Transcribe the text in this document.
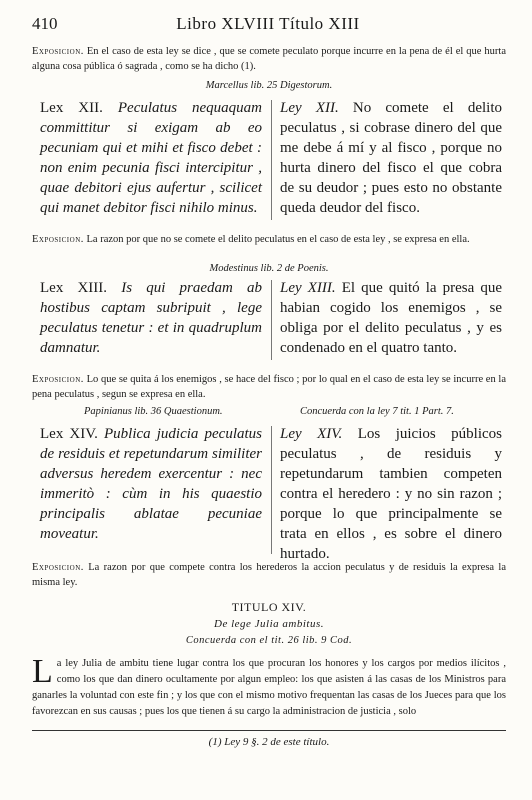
410	Libro XLVIII Título XIII
Exposicion. En el caso de esta ley se dice , que se comete peculato porque incurre en la pena de él el que hurta alguna cosa pública ó sagrada , como se ha dicho (1).
Marcellus lib. 25 Digestorum.
Lex XII. Peculatus nequaquam committitur si exigam ab eo pecuniam qui et mihi et fisco debet : non enim pecunia fisci intercipitur , quae debitori ejus aufertur , scilicet qui manet debitor fisci nihilo minus.
Ley XII. No comete el delito peculatus , si cobrase dinero del que me debe á mí y al fisco , porque no hurta dinero del fisco el que cobra de su deudor ; pues esto no obstante queda deudor del fisco.
Exposicion. La razon por que no se comete el delito peculatus en el caso de esta ley , se expresa en ella.
Modestinus lib. 2 de Poenis.
Lex XIII. Is qui praedam ab hostibus captam subripuit , lege peculatus tenetur : et in quadruplum damnatur.
Ley XIII. El que quitó la presa que habian cogido los enemigos , se obliga por el delito peculatus , y es condenado en el quatro tanto.
Exposicion. Lo que se quita á los enemigos , se hace del fisco ; por lo qual en el caso de esta ley se incurre en la pena peculatus , segun se expresa en ella.
Papinianus lib. 36 Quaestionum.	Concuerda con la ley 7 tit. 1 Part. 7.
Lex XIV. Publica judicia peculatus de residuis et repetundarum similiter adversus heredem exercentur : nec immeritò : cùm in his quaestio principalis ablatae pecuniae moveatur.
Ley XIV. Los juicios públicos peculatus , de residuis y repetundarum tambien competen contra el heredero : y no sin razon ; porque lo que principalmente se trata en ellos , es sobre el dinero hurtado.
Exposicion. La razon por que compete contra los herederos la accion peculatus y de residuis la expresa la misma ley.
TITULO XIV.
De lege Julia ambitus.
Concuerda con el tit. 26 lib. 9 Cod.
L a ley Julia de ambitu tiene lugar contra los que procuran los honores y los cargos por medios ilícitos , como los que dan dinero ocultamente por algun empleo: los que asisten á las casas de los Ministros para ganarles la voluntad con este fin ; y los que con el mismo motivo frequentan las casas de los Jueces para que los favorezcan en sus causas ; pues los que tienen á su cargo la administracion de justicia , solo
(1) Ley 9 §. 2 de este título.
